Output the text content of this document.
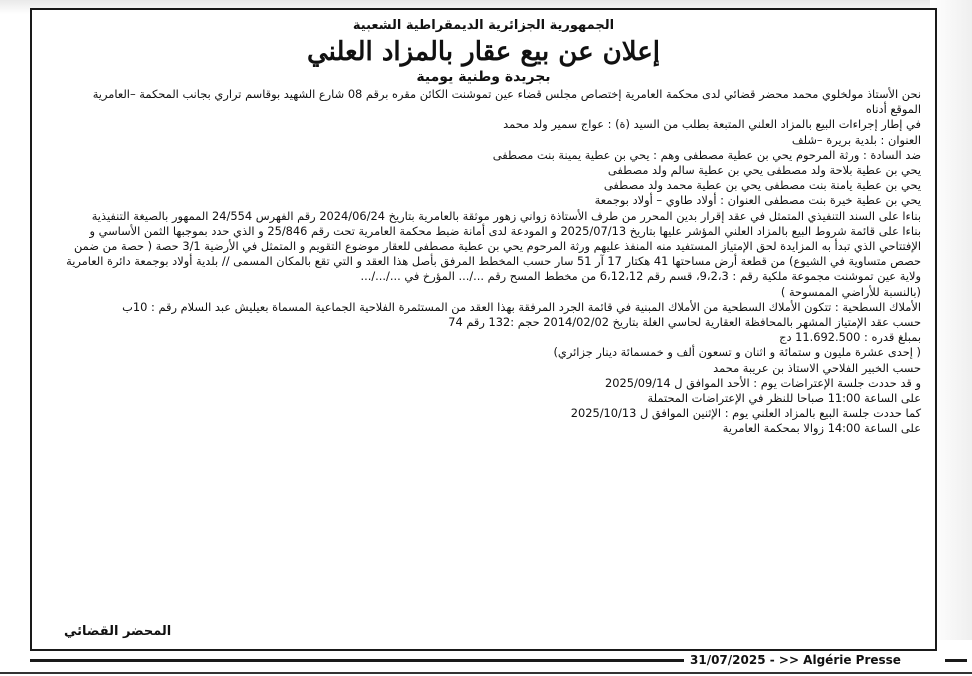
الجمهورية الجزائرية الديمقراطية الشعبية
إعلان عن بيع عقار بالمزاد العلني
بجريدة وطنية يومية

نحن الأستاذ مولخلوي محمد محضر قضائي لدى محكمة العامرية إختصاص مجلس قضاء عين تموشنت الكائن مقره برقم 08 شارع الشهيد بوقاسم تراري بجانب المحكمة –العامرية

الموقع أدناه

في إطار إجراءات البيع بالمزاد العلني المتبعة بطلب من السيد (ة) : عواج سمير ولد محمد

العنوان : بلدية بريرة –شلف

ضد السادة : ورثة المرحوم يحي بن عطية مصطفى وهم : يحي بن عطية يمينة بنت مصطفى

يحي بن عطية بلاحة ولد مصطفى يحي بن عطية سالم ولد مصطفى

يحي بن عطية يامنة بنت مصطفى يحي بن عطية محمد ولد مصطفى

يحي بن عطية خيرة بنت مصطفى العنوان : أولاد طاوي – أولاد بوجمعة

بناءا على السند التنفيذي المتمثل في عقد إقرار بدين المحرر من طرف الأستاذة زواني زهور موثقة بالعامرية بتاريخ 2024/06/24 رقم الفهرس 24/554 الممهور بالصيغة التنفيذية

بناءا على قائمة شروط البيع بالمزاد العلني المؤشر عليها بتاريخ 2025/07/13 و المودعة لدى أمانة ضبط محكمة العامرية تحت رقم 25/846 و الذي حدد بموجبها الثمن الأساسي و الإفتتاحي الذي تبدأ به المزايدة لحق الإمتياز المستفيد منه المنفذ عليهم ورثة المرحوم يحي بن عطية مصطفى للعقار موضوع التقويم و المتمثل في الأرضية 3/1 حصة ( حصة من ضمن حصص متساوية في الشيوع) من قطعة أرض مساحتها 41 هكتار 17 آر 51 سار حسب المخطط المرفق بأصل هذا العقد و التي تقع بالمكان المسمى // بلدية أولاد بوجمعة دائرة العامرية ولاية عين تموشنت مجموعة ملكية رقم : 9،2،3، قسم رقم 6،12،12 من مخطط المسح رقم .../... المؤرخ في .../.../...

(بالنسبة للأراضي الممسوحة )

الأملاك السطحية : تتكون الأملاك السطحية من الأملاك المبنية في قائمة الجرد المرفقة بهذا العقد من المستثمرة الفلاحية الجماعية المسماة بعيليش عبد السلام رقم : 10ب

حسب عقد الإمتياز المشهر بالمحافظة العقارية لحاسي الغلة بتاريخ 2014/02/02 حجم :132 رقم 74

بمبلغ قدره : 11.692.500 دج

( إحدى عشرة مليون و ستمائة و اثنان و تسعون ألف و خمسمائة دينار جزائري)

حسب الخبير الفلاحي الاستاذ بن عريبة محمد

و قد حددت جلسة الإعتراضات يوم : الأحد الموافق ل 2025/09/14

على الساعة 11:00 صباحا للنظر في الإعتراضات المحتملة

كما حددت جلسة البيع بالمزاد العلني يوم : الإثنين الموافق ل 2025/10/13

على الساعة 14:00 زوالا بمحكمة العامرية

المحضر القضائي
31/07/2025 - >> Algérie Presse
